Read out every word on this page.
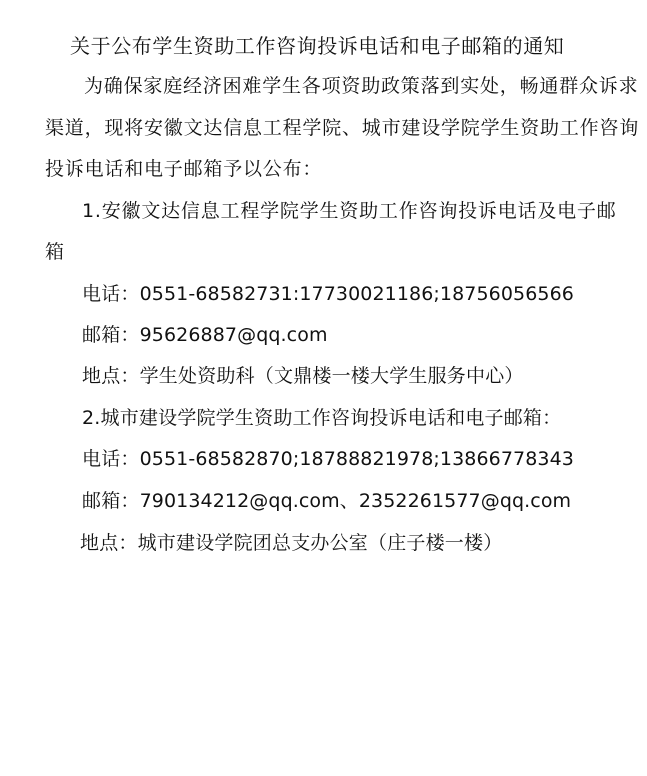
关于公布学生资助工作咨询投诉电话和电子邮箱的通知
为确保家庭经济困难学生各项资助政策落到实处，畅通群众诉求
渠道，现将安徽文达信息工程学院、城市建设学院学生资助工作咨询
投诉电话和电子邮箱予以公布：
1.安徽文达信息工程学院学生资助工作咨询投诉电话及电子邮
箱
电话：0551-68582731:17730021186;18756056566
邮箱：95626887@qq.com
地点：学生处资助科（文鼎楼一楼大学生服务中心）
2.城市建设学院学生资助工作咨询投诉电话和电子邮箱：
电话：0551-68582870;18788821978;13866778343
邮箱：790134212@qq.com、2352261577@qq.com
地点：城市建设学院团总支办公室（庄子楼一楼）
